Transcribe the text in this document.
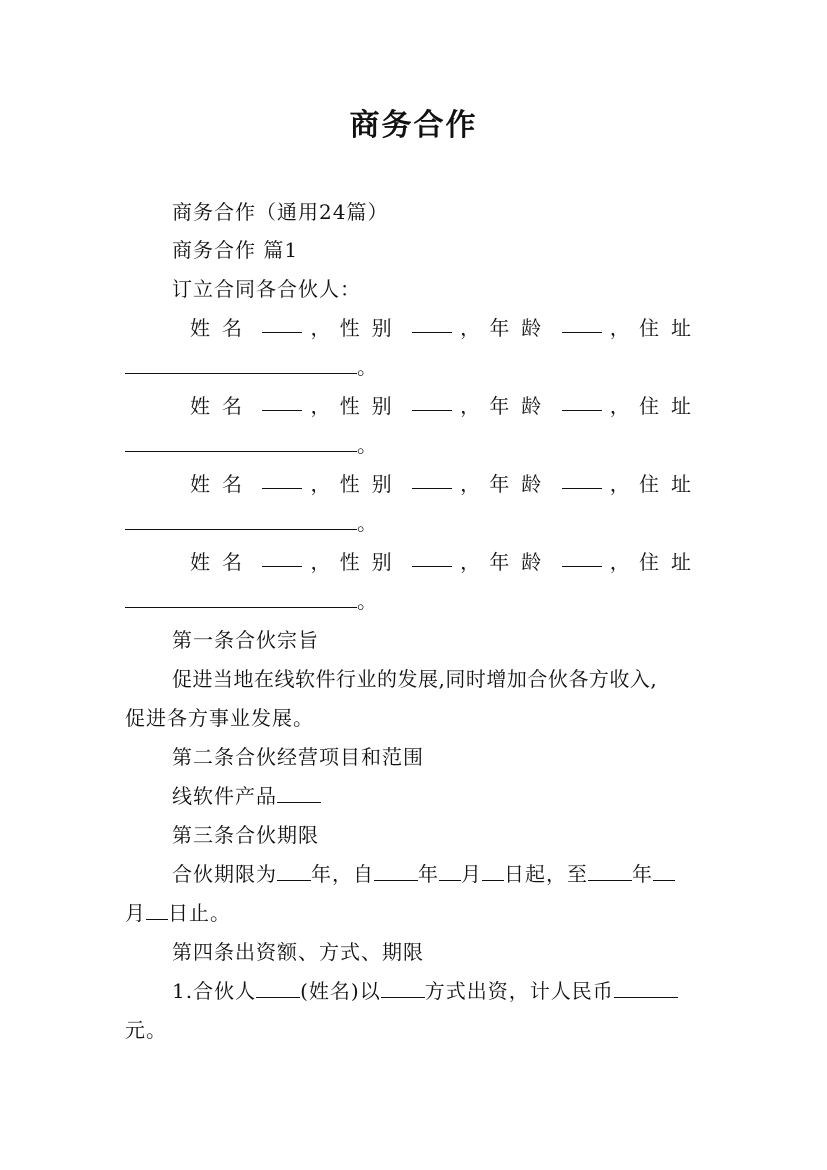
商务合作
商务合作（通用24篇）
商务合作 篇1
订立合同各合伙人：
姓名	， 性别	， 年龄	， 住址
。
姓名	， 性别	， 年龄	， 住址
。
姓名	， 性别	， 年龄	， 住址
。
姓名	， 性别	， 年龄	， 住址
。
第一条合伙宗旨
促进当地在线软件行业的发展,同时增加合伙各方收入,
促进各方事业发展。
第二条合伙经营项目和范围
线软件产品
第三条合伙期限
合伙期限为 年，自 年 月 日起，至 年
月 日止。
第四条出资额、方式、期限
1.合伙人 (姓名)以 方式出资，计人民币
元。
